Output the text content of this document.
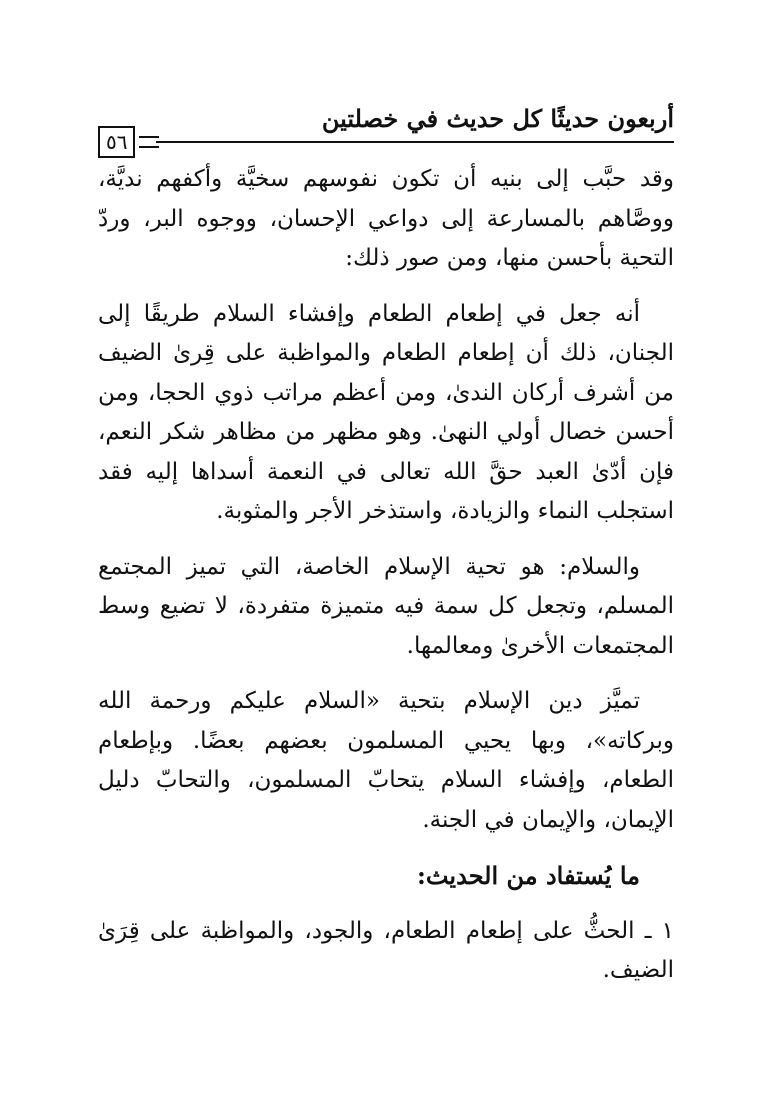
أربعون حديثًا كل حديث في خصلتين
٥٦

وقد حبَّب إلى بنيه أن تكون نفوسهم سخيَّة وأكفهم نديَّة، ووصَّاهم بالمسارعة إلى دواعي الإحسان، ووجوه البر، وردّ التحية بأحسن منها، ومن صور ذلك:

أنه جعل في إطعام الطعام وإفشاء السلام طريقًا إلى الجنان، ذلك أن إطعام الطعام والمواظبة على قِرىٰ الضيف من أشرف أركان الندىٰ، ومن أعظم مراتب ذوي الحجا، ومن أحسن خصال أولي النهىٰ. وهو مظهر من مظاهر شكر النعم، فإن أدّىٰ العبد حقَّ الله تعالى في النعمة أسداها إليه فقد استجلب النماء والزيادة، واستذخر الأجر والمثوبة.

والسلام: هو تحية الإسلام الخاصة، التي تميز المجتمع المسلم، وتجعل كل سمة فيه متميزة متفردة، لا تضيع وسط المجتمعات الأخرىٰ ومعالمها.

تميَّز دين الإسلام بتحية «السلام عليكم ورحمة الله وبركاته»، وبها يحيي المسلمون بعضهم بعضًا. وبإطعام الطعام، وإفشاء السلام يتحابّ المسلمون، والتحابّ دليل الإيمان، والإيمان في الجنة.

ما يُستفاد من الحديث:

١ ـ الحثُّ على إطعام الطعام، والجود، والمواظبة على قِرَىٰ الضيف.
